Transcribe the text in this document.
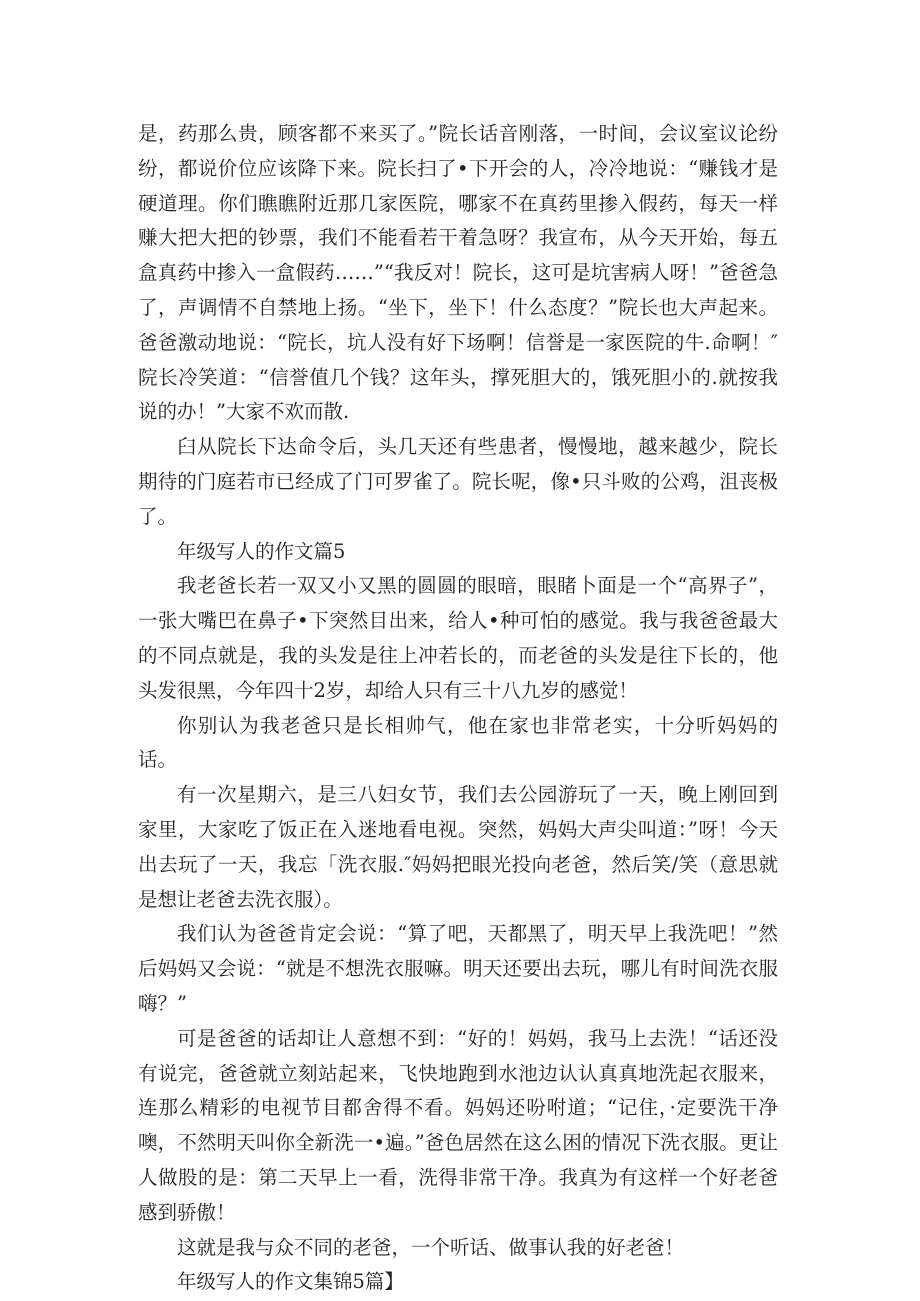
是，药那么贵，顾客都不来买了。”院长话音刚落，一时间，会议室议论纷纷，都说价位应该降下来。院长扫了•下开会的人，冷冷地说：“赚钱才是硬道理。你们瞧瞧附近那几家医院，哪家不在真药里掺入假药，每天一样赚大把大把的钞票，我们不能看若干着急呀？我宣布，从今天开始，每五盒真药中掺入一盒假药……”“我反对！院长，这可是坑害病人呀！”爸爸急了，声调情不自禁地上扬。“坐下，坐下！什么态度？”院长也大声起来。爸爸激动地说：“院长，坑人没有好下场啊！信誉是一家医院的牛.命啊！″院长冷笑道：“信誉值几个钱？这年头，撑死胆大的，饿死胆小的.就按我说的办！”大家不欢而散.

臼从院长下达命令后，头几天还有些患者，慢慢地，越来越少，院长期待的门庭若市已经成了门可罗雀了。院长呢，像•只斗败的公鸡，沮丧极了。

年级写人的作文篇5

我老爸长若一双又小又黑的圆圆的眼暗，眼睹卜面是一个“高界子”，一张大嘴巴在鼻子•下突然目出来，给人•种可怕的感觉。我与我爸爸最大的不同点就是，我的头发是往上冲若长的，而老爸的头发是往下长的，他头发很黑，今年四十2岁，却给人只有三十八九岁的感觉！

你别认为我老爸只是长相帅气，他在家也非常老实，十分听妈妈的话。

有一次星期六，是三八妇女节，我们去公园游玩了一天，晚上刚回到家里，大家吃了饭正在入迷地看电视。突然，妈妈大声尖叫道：”呀！今天出去玩了一天，我忘「洗衣服.″妈妈把眼光投向老爸，然后笑/笑（意思就是想让老爸去洗衣服）。

我们认为爸爸肯定会说：“算了吧，天都黑了，明天早上我洗吧！”然后妈妈又会说：“就是不想洗衣服嘛。明天还要出去玩，哪儿有时间洗衣服嗨？”

可是爸爸的话却让人意想不到：“好的！妈妈，我马上去洗！“话还没有说完，爸爸就立刻站起来，飞快地跑到水池边认认真真地洗起衣服来，连那么精彩的电视节目都舍得不看。妈妈还吩咐道；“记住，·定要洗干净噢，不然明天叫你全新洗一•遍。”爸色居然在这么困的情况下洗衣服。更让人做股的是：第二天早上一看，洗得非常干净。我真为有这样一个好老爸感到骄傲！

这就是我与众不同的老爸，一个听话、做事认我的好老爸！

年级写人的作文集锦5篇】
